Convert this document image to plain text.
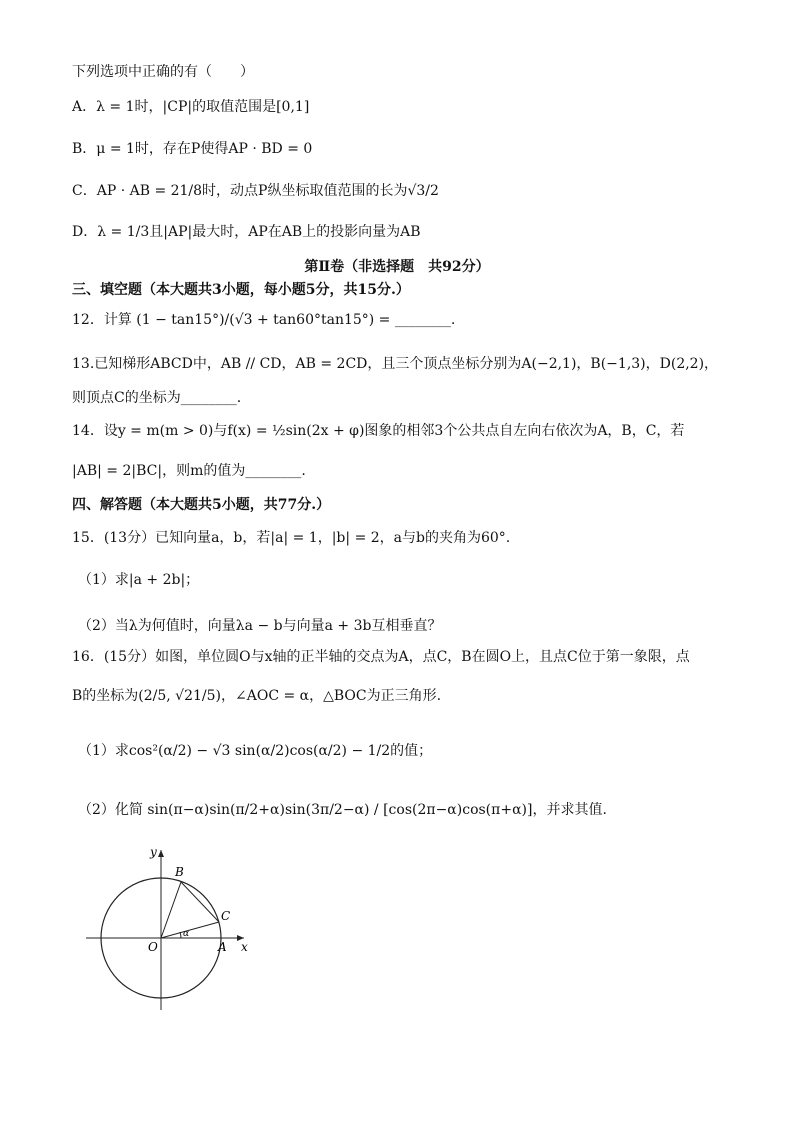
下列选项中正确的有（　　）
A．λ = 1时，|CP|的取值范围是[0,1]
B．μ = 1时，存在P使得AP · BD = 0
C．AP · AB = 21/8时，动点P纵坐标取值范围的长为√3/2
D．λ = 1/3且|AP|最大时，AP在AB上的投影向量为AB
第Ⅱ卷（非选择题　共92分）
三、填空题（本大题共3小题，每小题5分，共15分.）
12．计算 (1 − tan15°)/(√3 + tan60°tan15°) = ________.
13.已知梯形ABCD中，AB // CD，AB = 2CD，且三个顶点坐标分别为A(−2,1)，B(−1,3)，D(2,2)，
则顶点C的坐标为________.
14．设y = m(m > 0)与f(x) = ½sin(2x + φ)图象的相邻3个公共点自左向右依次为A，B，C，若
|AB| = 2|BC|，则m的值为________.
四、解答题（本大题共5小题，共77分.）
15．(13分）已知向量a，b，若|a| = 1，|b| = 2，a与b的夹角为60°.
（1）求|a + 2b|；
（2）当λ为何值时，向量λa − b与向量a + 3b互相垂直？
16．(15分）如图，单位圆O与x轴的正半轴的交点为A，点C，B在圆O上，且点C位于第一象限，点
B的坐标为(2/5, √21/5)，∠AOC = α，△BOC为正三角形.
（1）求cos²(α/2) − √3 sin(α/2)cos(α/2) − 1/2的值；
（2）化简 sin(π−α)sin(π/2+α)sin(3π/2−α) / [cos(2π−α)cos(π+α)]，并求其值.
B
C
O	A x
y
α
